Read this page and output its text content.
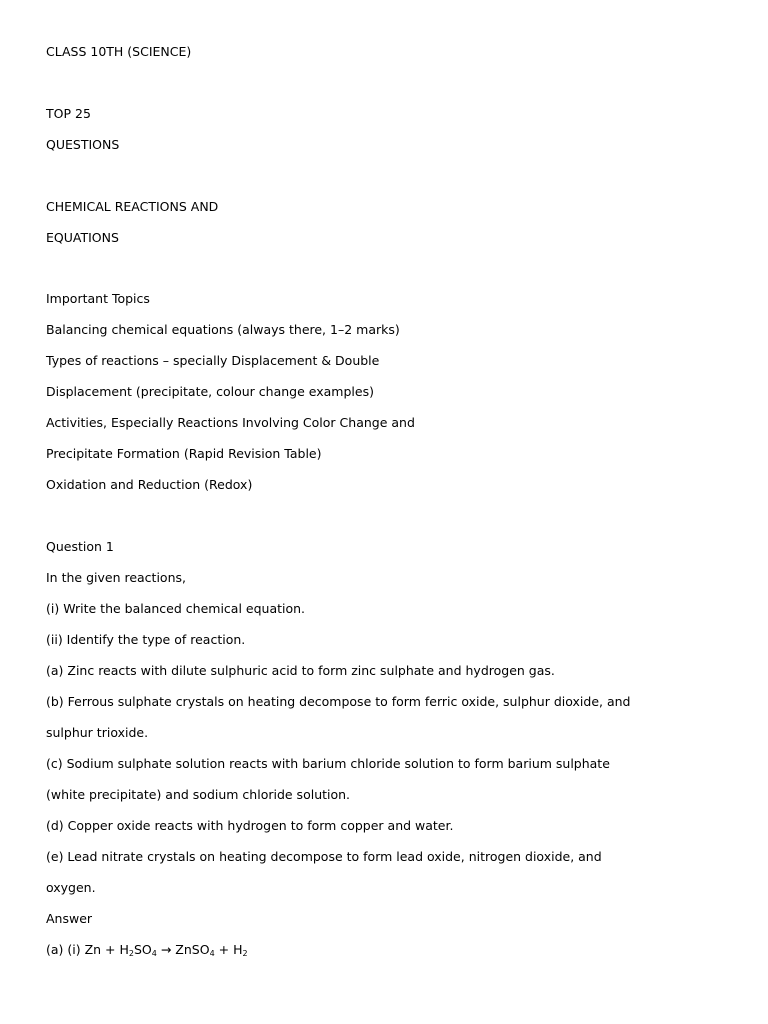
CLASS 10TH (SCIENCE)
TOP 25
QUESTIONS
CHEMICAL REACTIONS AND
EQUATIONS
Important Topics
Balancing chemical equations (always there, 1–2 marks)
Types of reactions – specially Displacement & Double
Displacement (precipitate, colour change examples)
Activities, Especially Reactions Involving Color Change and
Precipitate Formation (Rapid Revision Table)
Oxidation and Reduction (Redox)
Question 1
In the given reactions,
(i) Write the balanced chemical equation.
(ii) Identify the type of reaction.
(a) Zinc reacts with dilute sulphuric acid to form zinc sulphate and hydrogen gas.
(b) Ferrous sulphate crystals on heating decompose to form ferric oxide, sulphur dioxide, and
sulphur trioxide.
(c) Sodium sulphate solution reacts with barium chloride solution to form barium sulphate
(white precipitate) and sodium chloride solution.
(d) Copper oxide reacts with hydrogen to form copper and water.
(e) Lead nitrate crystals on heating decompose to form lead oxide, nitrogen dioxide, and
oxygen.
Answer
(a) (i) $Zn + H_2SO_4$ → ZnSO$_4$ + $H_2$
